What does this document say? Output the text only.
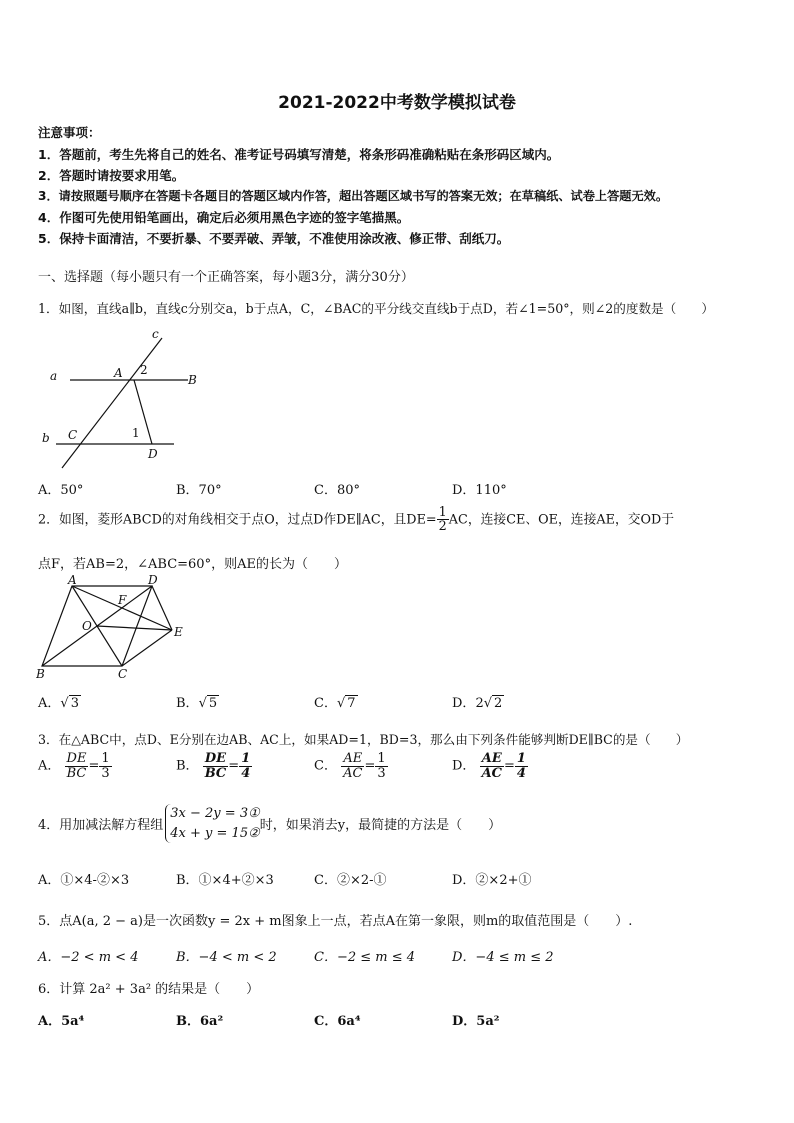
2021-2022中考数学模拟试卷
注意事项：
1．答题前，考生先将自己的姓名、准考证号码填写清楚，将条形码准确粘贴在条形码区域内。
2．答题时请按要求用笔。
3．请按照题号顺序在答题卡各题目的答题区域内作答，超出答题区域书写的答案无效；在草稿纸、试卷上答题无效。
4．作图可先使用铅笔画出，确定后必须用黑色字迹的签字笔描黑。
5．保持卡面清洁，不要折暴、不要弄破、弄皱，不准使用涂改液、修正带、刮纸刀。
一、选择题（每小题只有一个正确答案，每小题3分，满分30分）
1．如图，直线a∥b，直线c分别交a，b于点A，C，∠BAC的平分线交直线b于点D，若∠1=50°，则∠2的度数是（　　）
c
a	A 2
B
b C	1
D
A．50°	B．70°	C．80°	D．110°
2．如图，菱形ABCD的对角线相交于点O，过点D作DE∥AC，且$DE= \frac{1}{2}$ AC，连接CE、OE，连接AE，交OD于
点F，若AB=2，∠ABC=60°，则AE的长为（　　）
A	D
F
O	E
B	C
A．√ 3	B．√ 5	C．√ 7	D．2√ 2
3．在△ABC中，点D、E分别在边AB、AC上，如果AD=1，BD=3，那么由下列条件能够判断DE∥BC的是（　　）
A． $\frac{DE}{BC} = \frac{1}{3}$	B． $\frac{DE}{BC} = \frac{1}{4}$	C． $\frac{AE}{AC} = \frac{1}{3}$	D． $\frac{AE}{AC} = \frac{1}{4}$
4．用加减法解方程组
3x − 2y = 3①
4x + y = 15② 时，如果消去y，最简捷的方法是（　　）
A．①×4-②×3	B．①×4+②×3	C．②×2-①	D．②×2+①
5．点A(a, 2 − a)是一次函数y = 2x + m图象上一点，若点A在第一象限，则m的取值范围是（　　）.
A．−2 < m < 4	B．−4 < m < 2	C．−2 ≤ m ≤ 4	D．−4 ≤ m ≤ 2
6．计算 2a² + 3a² 的结果是（　　）
A．5a⁴	B．6a²	C．6a⁴	D．5a²
